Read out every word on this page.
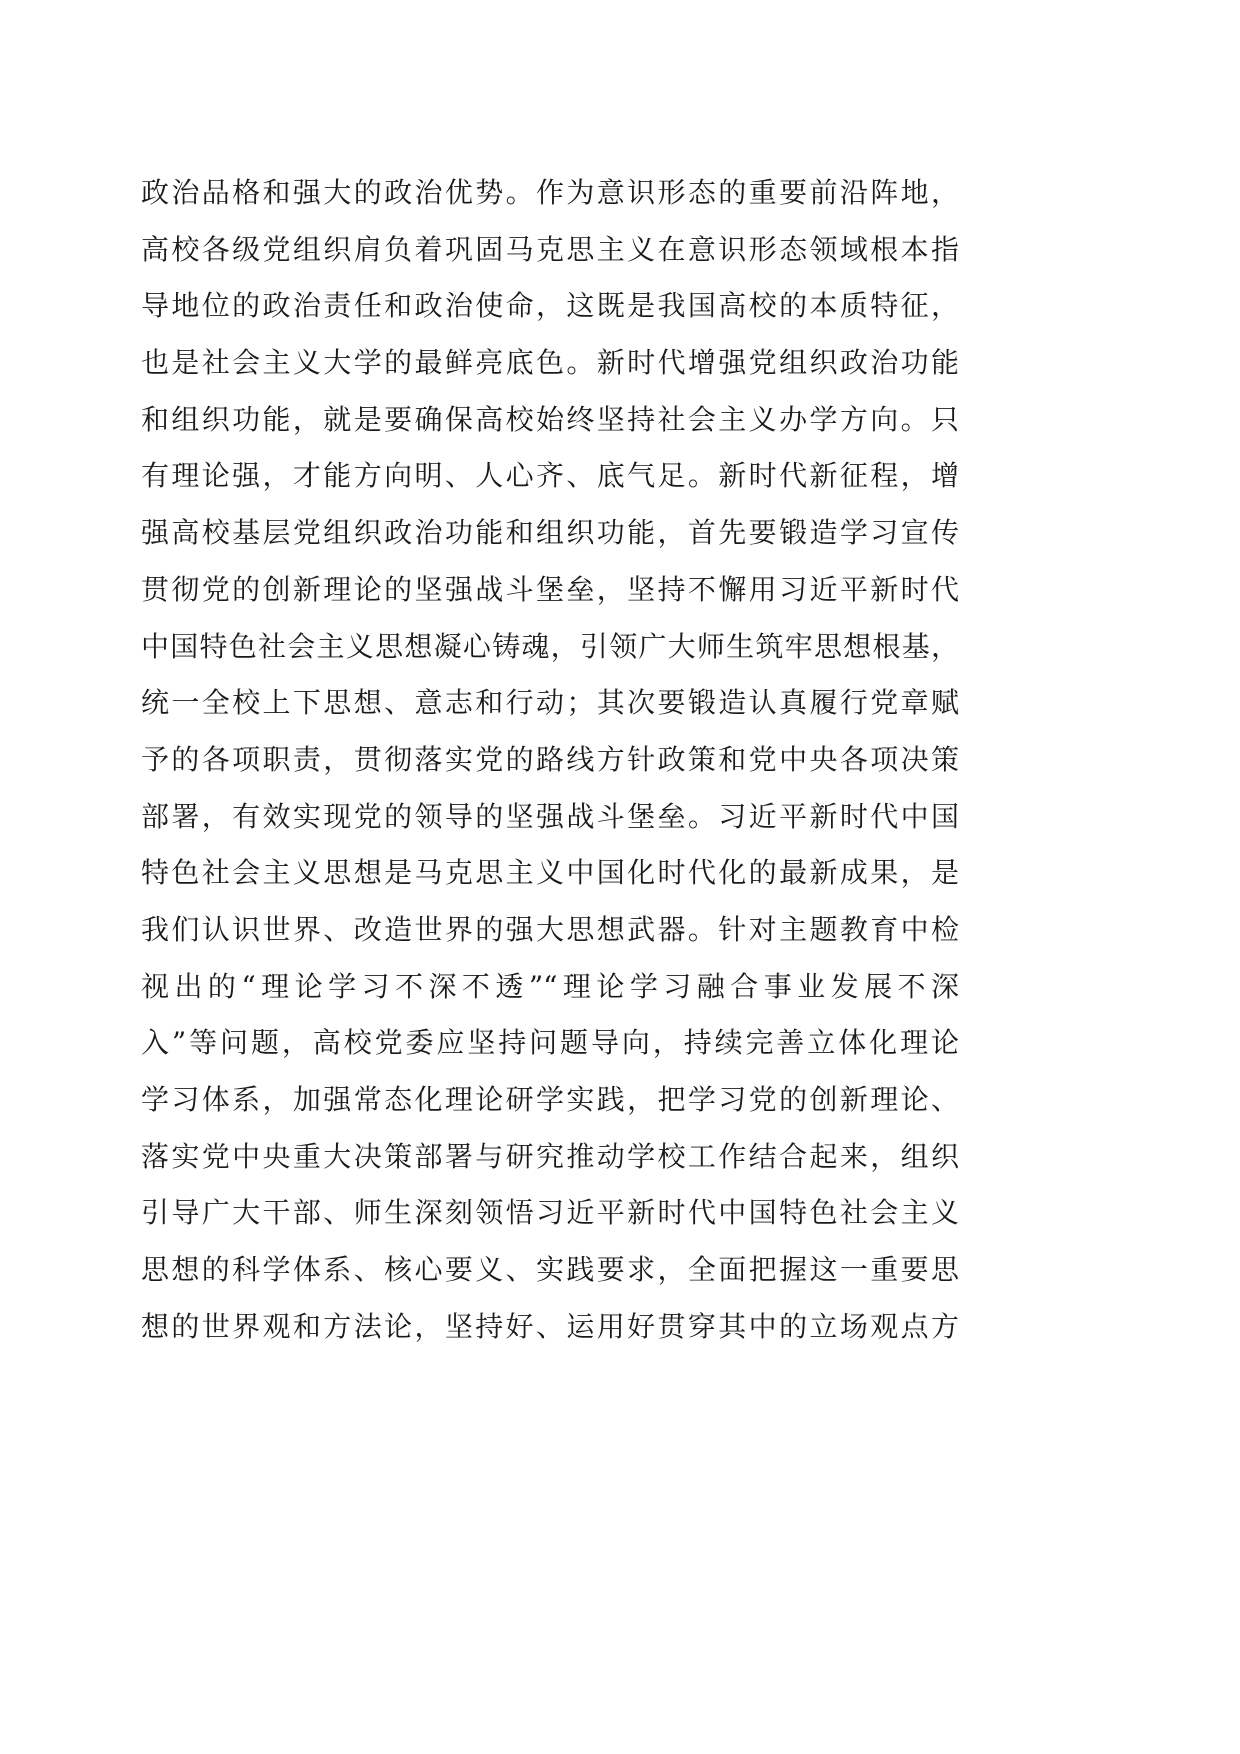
政治品格和强大的政治优势。作为意识形态的重要前沿阵地，
高校各级党组织肩负着巩固马克思主义在意识形态领域根本指
导地位的政治责任和政治使命，这既是我国高校的本质特征，
也是社会主义大学的最鲜亮底色。新时代增强党组织政治功能
和组织功能，就是要确保高校始终坚持社会主义办学方向。只
有理论强，才能方向明、人心齐、底气足。新时代新征程，增
强高校基层党组织政治功能和组织功能，首先要锻造学习宣传
贯彻党的创新理论的坚强战斗堡垒，坚持不懈用习近平新时代
中国特色社会主义思想凝心铸魂，引领广大师生筑牢思想根基，
统一全校上下思想、意志和行动；其次要锻造认真履行党章赋
予的各项职责，贯彻落实党的路线方针政策和党中央各项决策
部署，有效实现党的领导的坚强战斗堡垒。习近平新时代中国
特色社会主义思想是马克思主义中国化时代化的最新成果，是
我们认识世界、改造世界的强大思想武器。针对主题教育中检
视出的“理论学习不深不透”“理论学习融合事业发展不深
入”等问题，高校党委应坚持问题导向，持续完善立体化理论
学习体系，加强常态化理论研学实践，把学习党的创新理论、
落实党中央重大决策部署与研究推动学校工作结合起来，组织
引导广大干部、师生深刻领悟习近平新时代中国特色社会主义
思想的科学体系、核心要义、实践要求，全面把握这一重要思
想的世界观和方法论，坚持好、运用好贯穿其中的立场观点方
